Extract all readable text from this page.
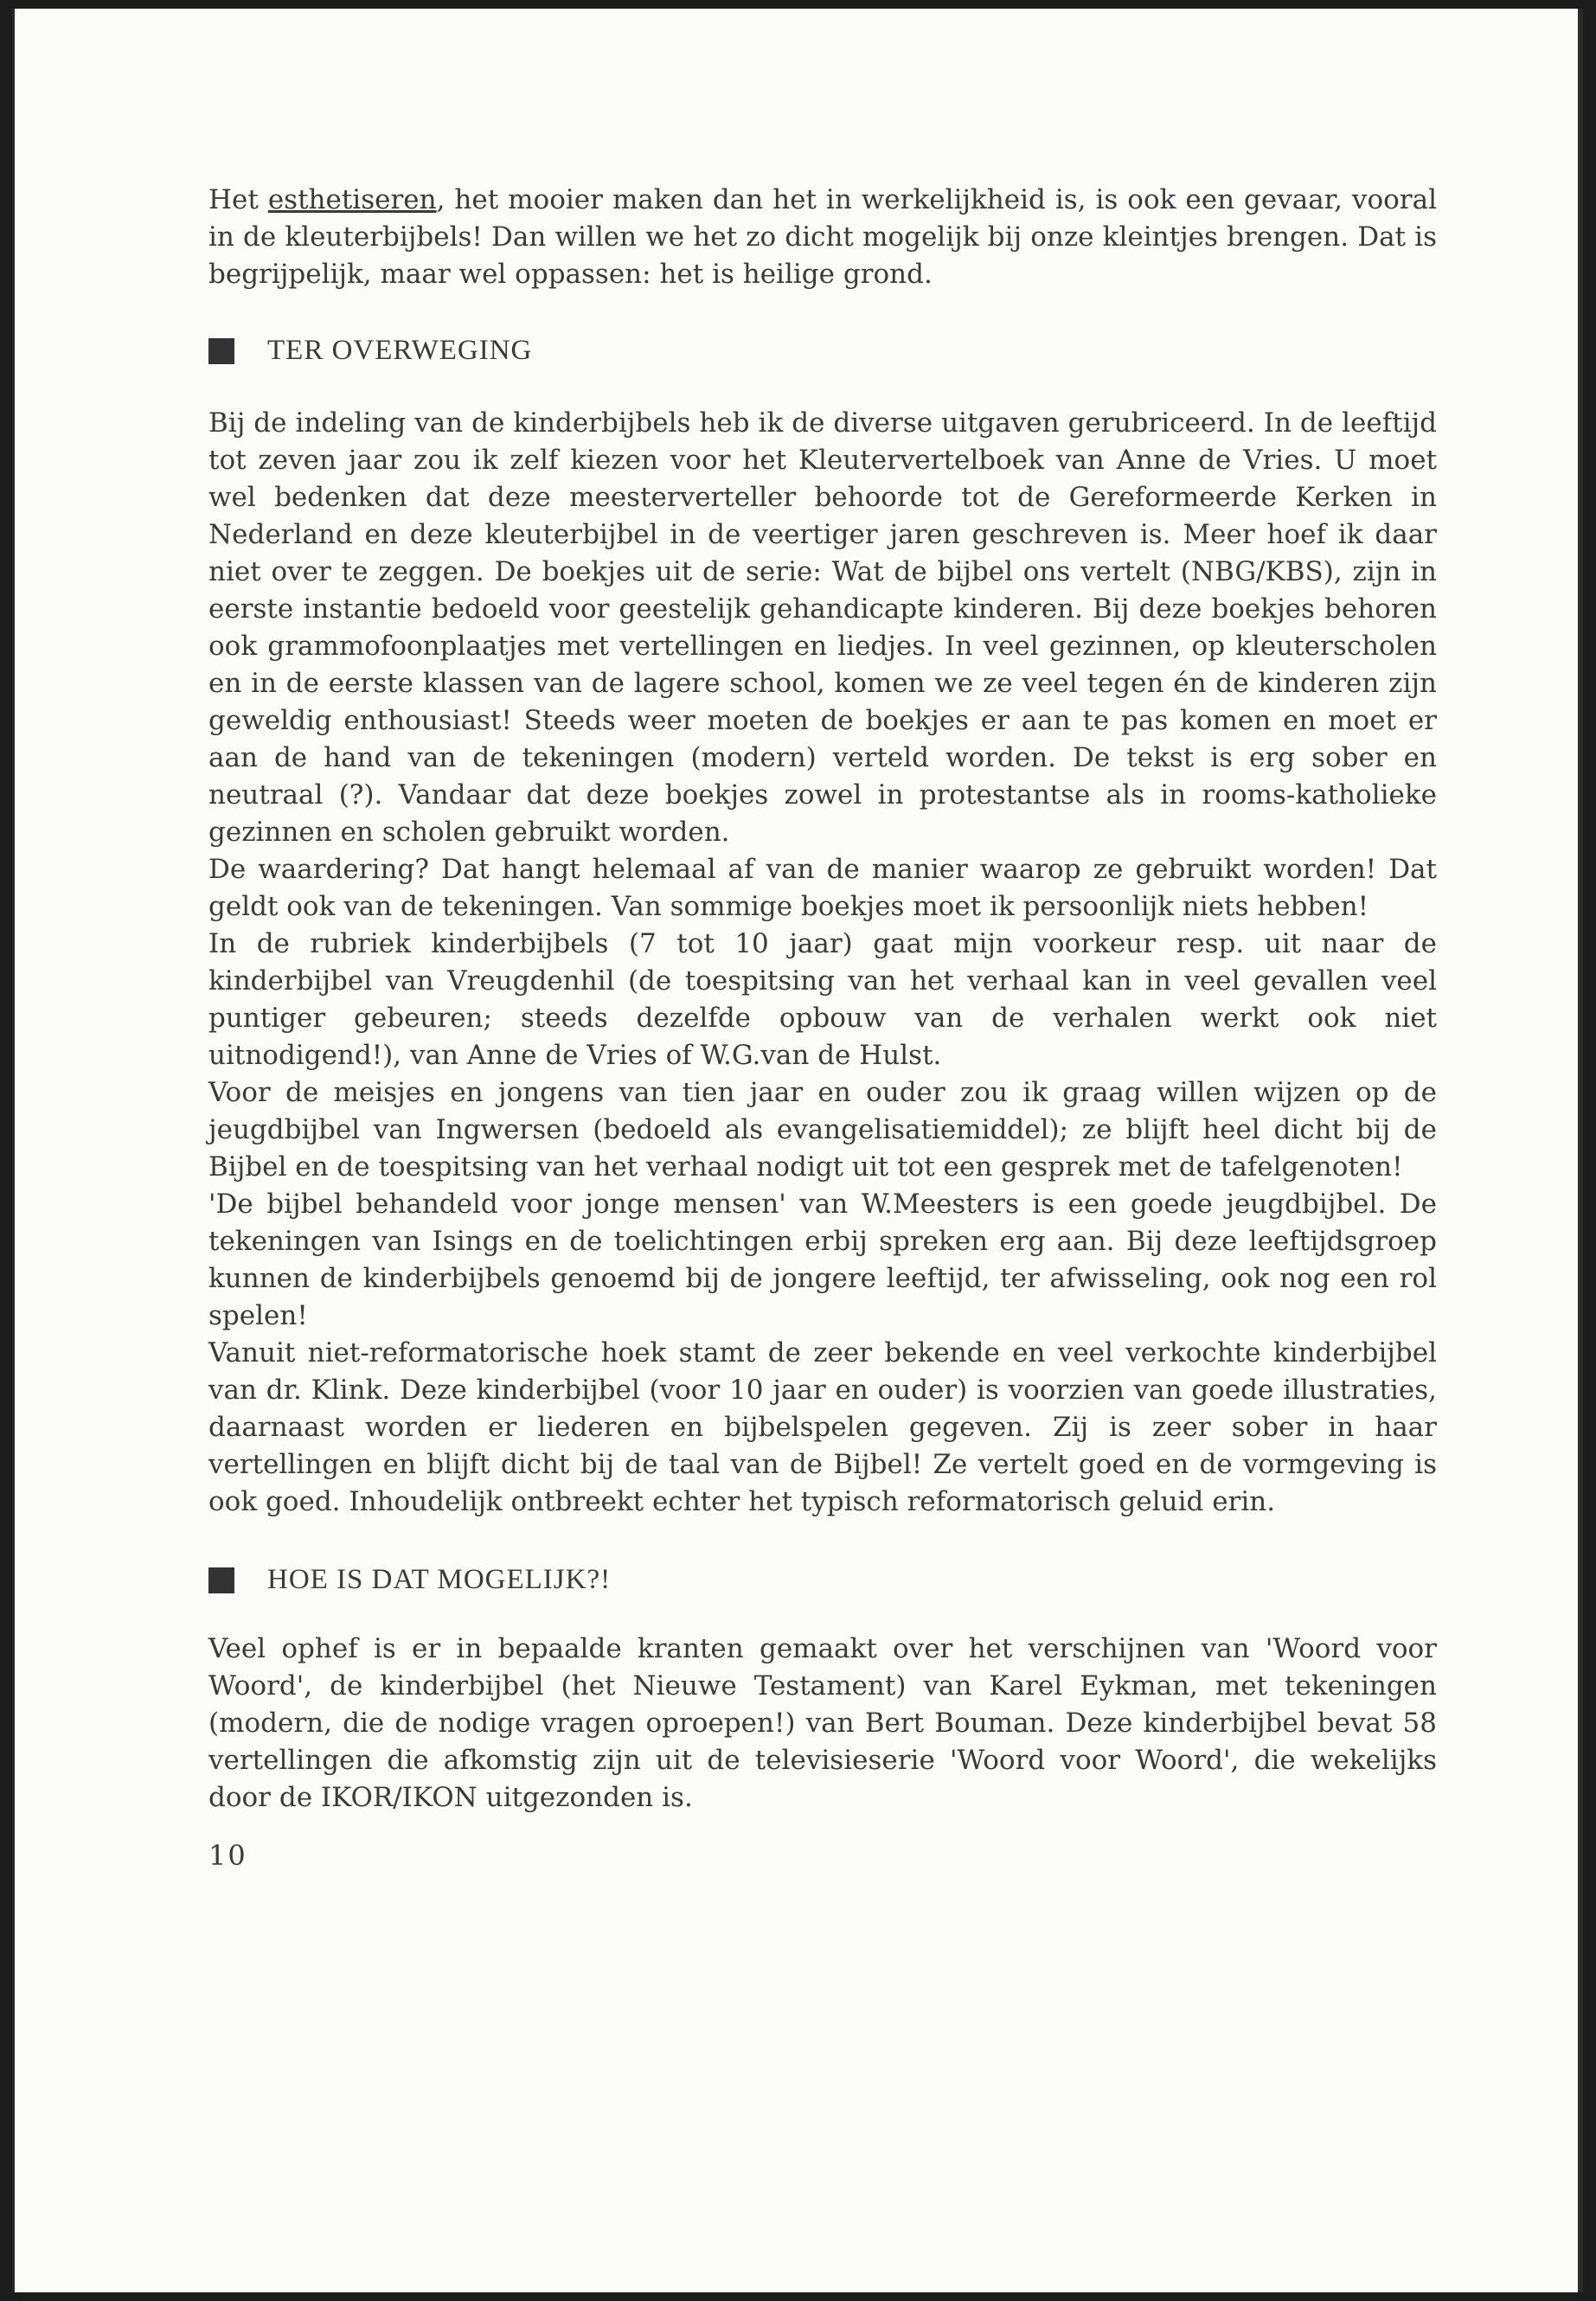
Het esthetiseren, het mooier maken dan het in werkelijkheid is, is ook een gevaar, vooral in de kleuterbijbels! Dan willen we het zo dicht mogelijk bij onze kleintjes brengen. Dat is begrijpelijk, maar wel oppassen: het is heilige grond.

TER OVERWEGING

Bij de indeling van de kinderbijbels heb ik de diverse uitgaven gerubriceerd. In de leeftijd tot zeven jaar zou ik zelf kiezen voor het Kleutervertelboek van Anne de Vries. U moet wel bedenken dat deze meesterverteller behoorde tot de Gereformeerde Kerken in Nederland en deze kleuterbijbel in de veertiger jaren geschreven is. Meer hoef ik daar niet over te zeggen. De boekjes uit de serie: Wat de bijbel ons vertelt (NBG/KBS), zijn in eerste instantie bedoeld voor geestelijk gehandicapte kinderen. Bij deze boekjes behoren ook grammofoonplaatjes met vertellingen en liedjes. In veel gezinnen, op kleuterscholen en in de eerste klassen van de lagere school, komen we ze veel tegen én de kinderen zijn geweldig enthousiast! Steeds weer moeten de boekjes er aan te pas komen en moet er aan de hand van de tekeningen (modern) verteld worden. De tekst is erg sober en neutraal (?). Vandaar dat deze boekjes zowel in protestantse als in rooms-katholieke gezinnen en scholen gebruikt worden.

De waardering? Dat hangt helemaal af van de manier waarop ze gebruikt worden! Dat geldt ook van de tekeningen. Van sommige boekjes moet ik persoonlijk niets hebben!

In de rubriek kinderbijbels (7 tot 10 jaar) gaat mijn voorkeur resp. uit naar de kinderbijbel van Vreugdenhil (de toespitsing van het verhaal kan in veel gevallen veel puntiger gebeuren; steeds dezelfde opbouw van de verhalen werkt ook niet uitnodigend!), van Anne de Vries of W.G.van de Hulst.

Voor de meisjes en jongens van tien jaar en ouder zou ik graag willen wijzen op de jeugdbijbel van Ingwersen (bedoeld als evangelisatiemiddel); ze blijft heel dicht bij de Bijbel en de toespitsing van het verhaal nodigt uit tot een gesprek met de tafelgenoten!

'De bijbel behandeld voor jonge mensen' van W.Meesters is een goede jeugdbijbel. De tekeningen van Isings en de toelichtingen erbij spreken erg aan. Bij deze leeftijdsgroep kunnen de kinderbijbels genoemd bij de jongere leeftijd, ter afwisseling, ook nog een rol spelen!

Vanuit niet-reformatorische hoek stamt de zeer bekende en veel verkochte kinderbijbel van dr. Klink. Deze kinderbijbel (voor 10 jaar en ouder) is voorzien van goede illustraties, daarnaast worden er liederen en bijbelspelen gegeven. Zij is zeer sober in haar vertellingen en blijft dicht bij de taal van de Bijbel! Ze vertelt goed en de vormgeving is ook goed. Inhoudelijk ontbreekt echter het typisch reformatorisch geluid erin.

HOE IS DAT MOGELIJK?!

Veel ophef is er in bepaalde kranten gemaakt over het verschijnen van 'Woord voor Woord', de kinderbijbel (het Nieuwe Testament) van Karel Eykman, met tekeningen (modern, die de nodige vragen oproepen!) van Bert Bouman. Deze kinderbijbel bevat 58 vertellingen die afkomstig zijn uit de televisieserie 'Woord voor Woord', die wekelijks door de IKOR/IKON uitgezonden is.

10
